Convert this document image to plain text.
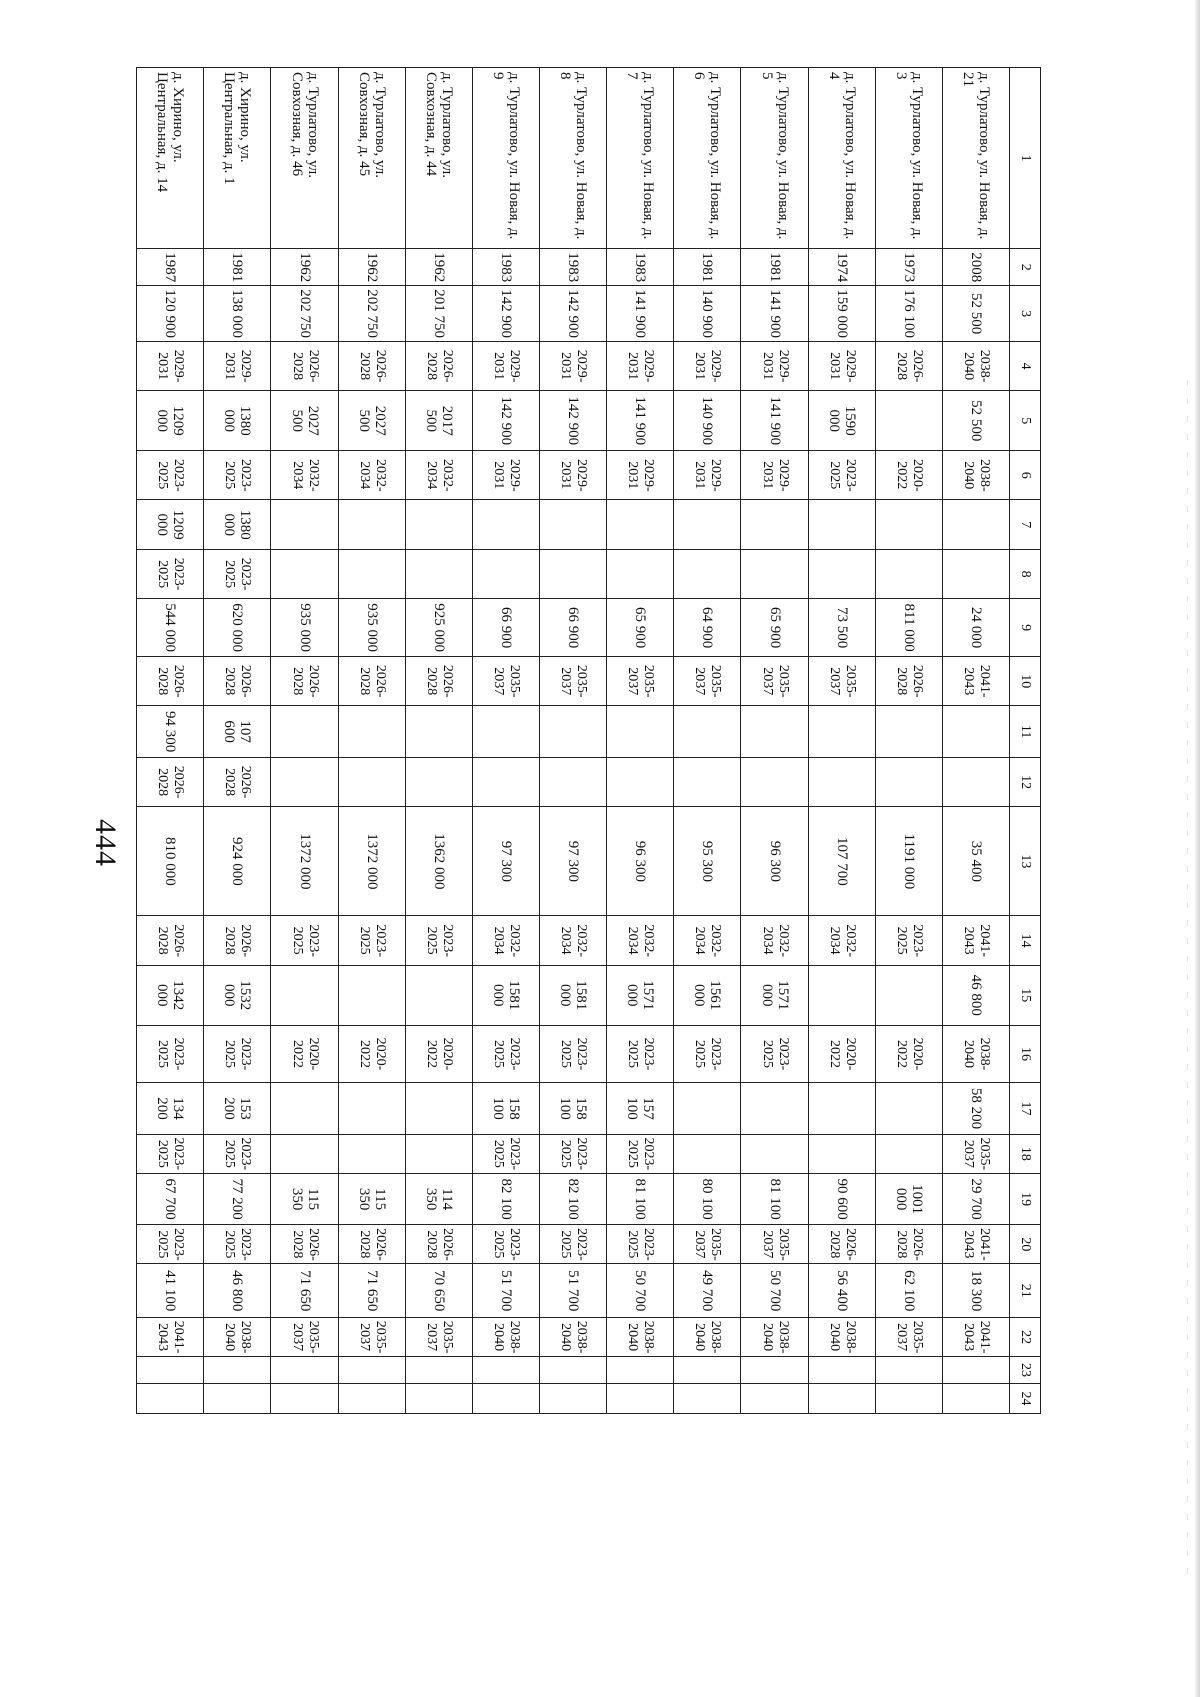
444
1	2	3	4	5	6	7	8	9	10	11	12	13	14	15	16	17	18	19	20	21	22	23	24
д. Турлатово, ул. Новая, д. 21	2008	52 500	2038-2040	52 500	2038-2040			24 000	2041-2043			35 400	2041-2043	46 800	2038-2040	58 200	2035-2037	29 700	2041-2043	18 300	2041-2043		
д. Турлатово, ул. Новая, д. 3	1973	176 100	2026-2028		2020-2022			811 000	2026-2028			1191 000	2023-2025		2020-2022			1001 000	2026-2028	62 100	2035-2037		
д. Турлатово, ул. Новая, д. 4	1974	159 000	2029-2031	1590 000	2023-2025			73 500	2035-2037			107 700	2032-2034		2020-2022			90 600	2026-2028	56 400	2038-2040		
д. Турлатово, ул. Новая, д. 5	1981	141 900	2029-2031	141 900	2029-2031			65 900	2035-2037			96 300	2032-2034	1571 000	2023-2025			81 100	2035-2037	50 700	2038-2040		
д. Турлатово, ул. Новая, д. 6	1981	140 900	2029-2031	140 900	2029-2031			64 900	2035-2037			95 300	2032-2034	1561 000	2023-2025			80 100	2035-2037	49 700	2038-2040		
д. Турлатово, ул. Новая, д. 7	1983	141 900	2029-2031	141 900	2029-2031			65 900	2035-2037			96 300	2032-2034	1571 000	2023-2025	157 100	2023-2025	81 100	2023-2025	50 700	2038-2040		
д. Турлатово, ул. Новая, д. 8	1983	142 900	2029-2031	142 900	2029-2031			66 900	2035-2037			97 300	2032-2034	1581 000	2023-2025	158 100	2023-2025	82 100	2023-2025	51 700	2038-2040		
д. Турлатово, ул. Новая, д. 9	1983	142 900	2029-2031	142 900	2029-2031			66 900	2035-2037			97 300	2032-2034	1581 000	2023-2025	158 100	2023-2025	82 100	2023-2025	51 700	2038-2040		
д. Турлатово, ул. Совхозная, д. 44	1962	201 750	2026-2028	2017 500	2032-2034			925 000	2026-2028			1362 000	2023-2025		2020-2022			114 350	2026-2028	70 650	2035-2037		
д. Турлатово, ул. Совхозная, д. 45	1962	202 750	2026-2028	2027 500	2032-2034			935 000	2026-2028			1372 000	2023-2025		2020-2022			115 350	2026-2028	71 650	2035-2037		
д. Турлатово, ул. Совхозная, д. 46	1962	202 750	2026-2028	2027 500	2032-2034			935 000	2026-2028			1372 000	2023-2025		2020-2022			115 350	2026-2028	71 650	2035-2037		
д. Хирино, ул. Центральная, д. 1	1981	138 000	2029-2031	1380 000	2023-2025	1380 000	2023-2025	620 000	2026-2028	107 600	2026-2028	924 000	2026-2028	1532 000	2023-2025	153 200	2023-2025	77 200	2023-2025	46 800	2038-2040		
д. Хирино, ул. Центральная, д. 14	1987	120 900	2029-2031	1209 000	2023-2025	1209 000	2023-2025	544 000	2026-2028	94 300	2026-2028	810 000	2026-2028	1342 000	2023-2025	134 200	2023-2025	67 700	2023-2025	41 100	2041-2043		
